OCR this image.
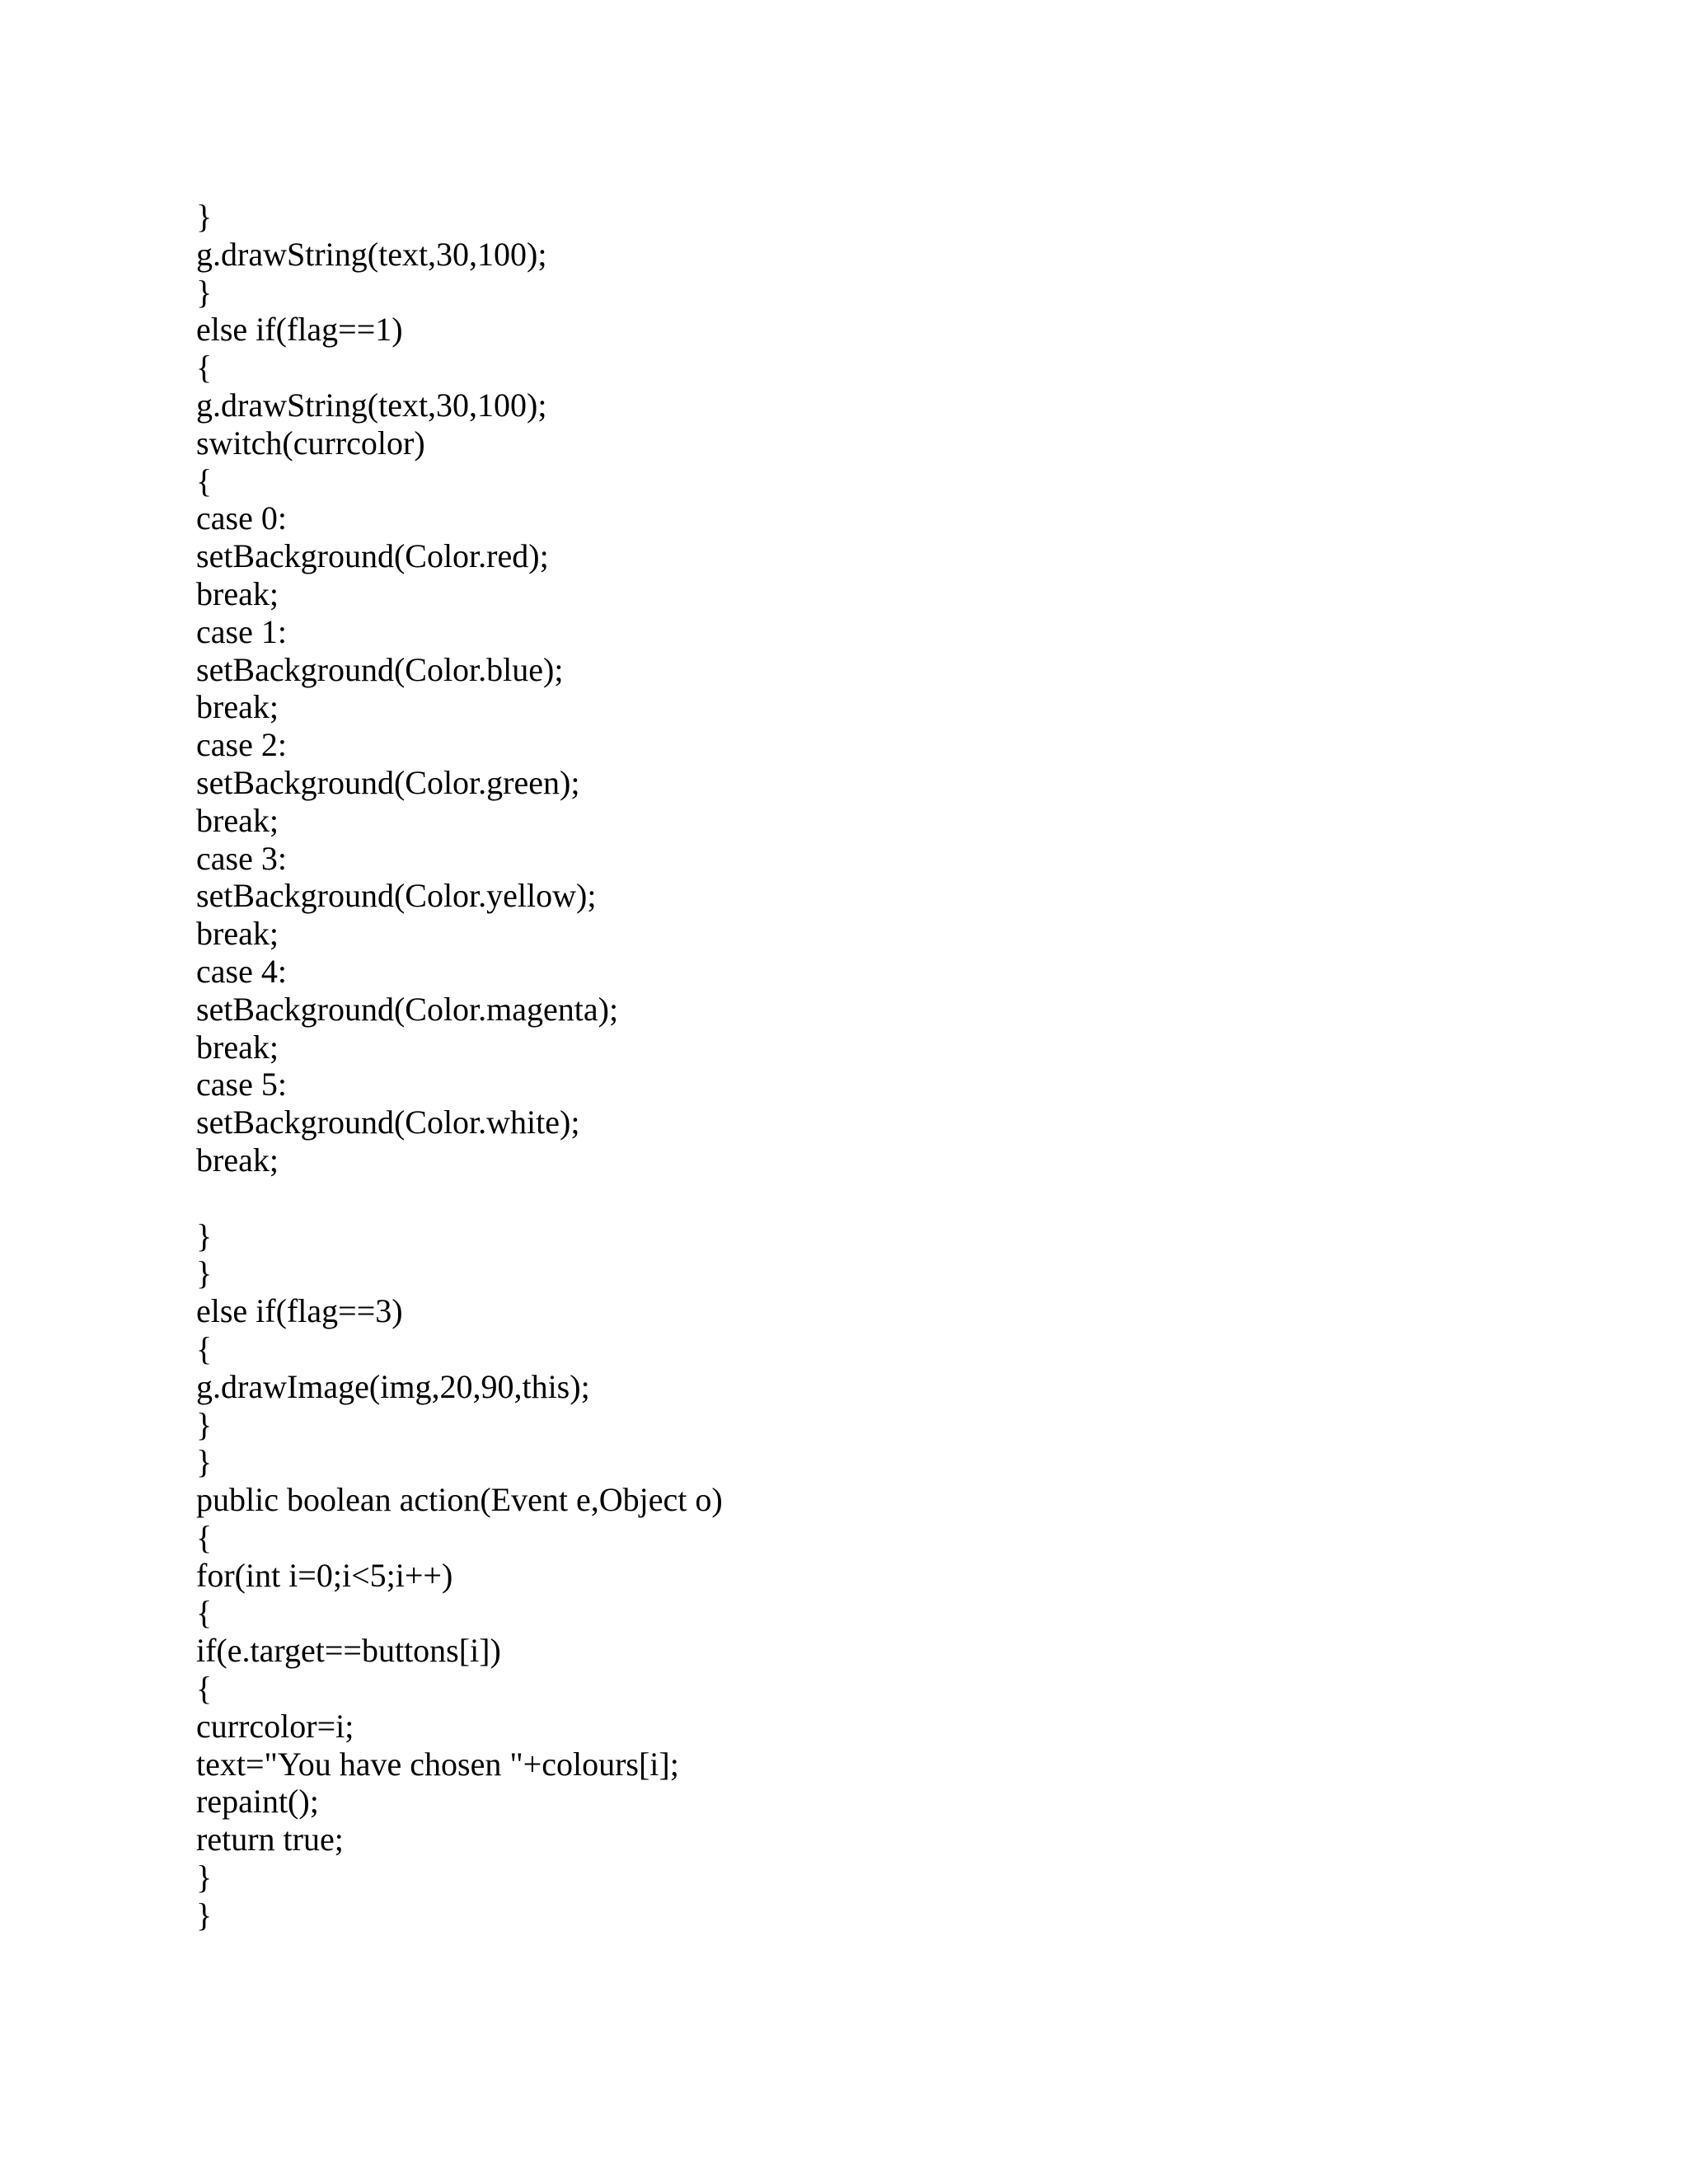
}
g.drawString(text,30,100);
}
else if(flag==1)
{
g.drawString(text,30,100);
switch(currcolor)
{
case 0:
setBackground(Color.red);
break;
case 1:
setBackground(Color.blue);
break;
case 2:
setBackground(Color.green);
break;
case 3:
setBackground(Color.yellow);
break;
case 4:
setBackground(Color.magenta);
break;
case 5:
setBackground(Color.white);
break;
}
}
else if(flag==3)
{
g.drawImage(img,20,90,this);
}
}
public boolean action(Event e,Object o)
{
for(int i=0;i<5;i++)
{
if(e.target==buttons[i])
{
currcolor=i;
text="You have chosen "+colours[i];
repaint();
return true;
}
}
